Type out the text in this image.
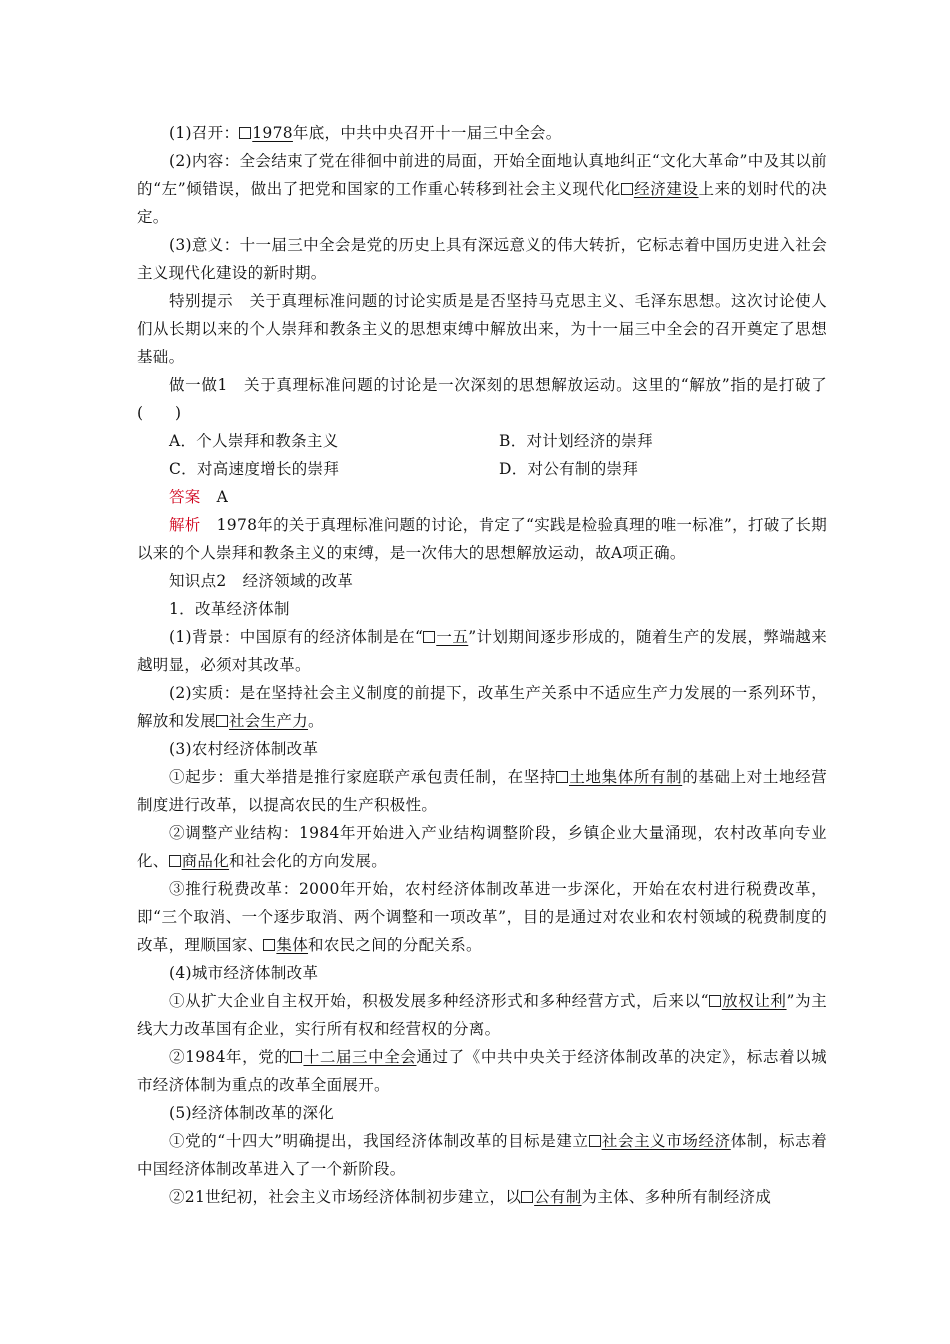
(1)召开： 1978年底，中共中央召开十一届三中全会。

(2)内容：全会结束了党在徘徊中前进的局面，开始全面地认真地纠正“文化大革命”中及其以前的“左”倾错误，做出了把党和国家的工作重心转移到社会主义现代化 经济建设上来的划时代的决定。

(3)意义：十一届三中全会是党的历史上具有深远意义的伟大转折，它标志着中国历史进入社会主义现代化建设的新时期。

特别提示 关于真理标准问题的讨论实质是是否坚持马克思主义、毛泽东思想。这次讨论使人们从长期以来的个人崇拜和教条主义的思想束缚中解放出来，为十一届三中全会的召开奠定了思想基础。

做一做1 关于真理标准问题的讨论是一次深刻的思想解放运动。这里的“解放”指的是打破了(　　)

A．个人崇拜和教条主义	B．对计划经济的崇拜
C．对高速度增长的崇拜	D．对公有制的崇拜

答案 A

解析 1978年的关于真理标准问题的讨论，肯定了“实践是检验真理的唯一标准”，打破了长期以来的个人崇拜和教条主义的束缚，是一次伟大的思想解放运动，故A项正确。

知识点2 经济领域的改革

1．改革经济体制

(1)背景：中国原有的经济体制是在“ 一五”计划期间逐步形成的，随着生产的发展，弊端越来越明显，必须对其改革。

(2)实质：是在坚持社会主义制度的前提下，改革生产关系中不适应生产力发展的一系列环节，解放和发展 社会生产力。

(3)农村经济体制改革

①起步：重大举措是推行家庭联产承包责任制，在坚持 土地集体所有制的基础上对土地经营制度进行改革，以提高农民的生产积极性。

②调整产业结构：1984年开始进入产业结构调整阶段，乡镇企业大量涌现，农村改革向专业化、 商品化和社会化的方向发展。

③推行税费改革：2000年开始，农村经济体制改革进一步深化，开始在农村进行税费改革，即“三个取消、一个逐步取消、两个调整和一项改革”，目的是通过对农业和农村领域的税费制度的改革，理顺国家、 集体和农民之间的分配关系。

(4)城市经济体制改革

①从扩大企业自主权开始，积极发展多种经济形式和多种经营方式，后来以“ 放权让利”为主线大力改革国有企业，实行所有权和经营权的分离。

②1984年，党的 十二届三中全会通过了《中共中央关于经济体制改革的决定》，标志着以城市经济体制为重点的改革全面展开。

(5)经济体制改革的深化

①党的“十四大”明确提出，我国经济体制改革的目标是建立 社会主义市场经济体制，标志着中国经济体制改革进入了一个新阶段。

②21世纪初，社会主义市场经济体制初步建立，以 公有制为主体、多种所有制经济成
